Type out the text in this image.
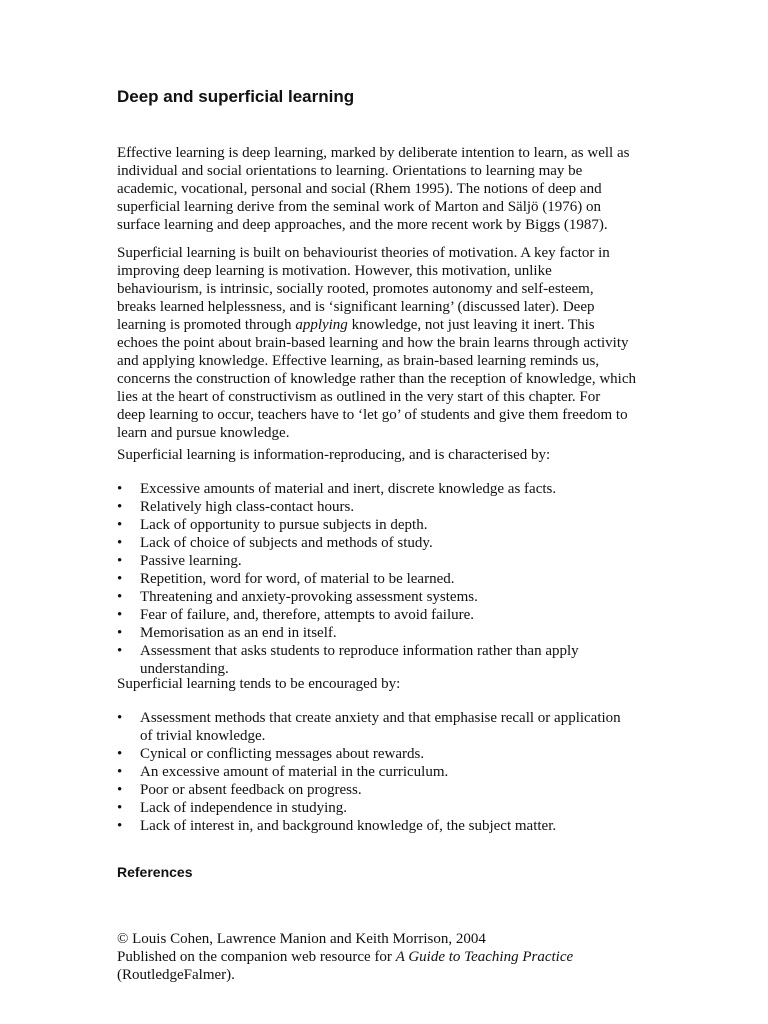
Deep and superficial learning
Effective learning is deep learning, marked by deliberate intention to learn, as well as
individual and social orientations to learning. Orientations to learning may be
academic, vocational, personal and social (Rhem 1995). The notions of deep and
superficial learning derive from the seminal work of Marton and Säljö (1976) on
surface learning and deep approaches, and the more recent work by Biggs (1987).
Superficial learning is built on behaviourist theories of motivation. A key factor in
improving deep learning is motivation. However, this motivation, unlike
behaviourism, is intrinsic, socially rooted, promotes autonomy and self-esteem,
breaks learned helplessness, and is ‘significant learning’ (discussed later). Deep
learning is promoted through applying knowledge, not just leaving it inert. This
echoes the point about brain-based learning and how the brain learns through activity
and applying knowledge. Effective learning, as brain-based learning reminds us,
concerns the construction of knowledge rather than the reception of knowledge, which
lies at the heart of constructivism as outlined in the very start of this chapter. For
deep learning to occur, teachers have to ‘let go’ of students and give them freedom to
learn and pursue knowledge.
Superficial learning is information-reproducing, and is characterised by:
• Excessive amounts of material and inert, discrete knowledge as facts.
• Relatively high class-contact hours.
• Lack of opportunity to pursue subjects in depth.
• Lack of choice of subjects and methods of study.
• Passive learning.
• Repetition, word for word, of material to be learned.
• Threatening and anxiety-provoking assessment systems.
• Fear of failure, and, therefore, attempts to avoid failure.
• Memorisation as an end in itself.
• Assessment that asks students to reproduce information rather than apply
understanding.
Superficial learning tends to be encouraged by:
• Assessment methods that create anxiety and that emphasise recall or application
of trivial knowledge.
• Cynical or conflicting messages about rewards.
• An excessive amount of material in the curriculum.
• Poor or absent feedback on progress.
• Lack of independence in studying.
• Lack of interest in, and background knowledge of, the subject matter.
References
© Louis Cohen, Lawrence Manion and Keith Morrison, 2004
Published on the companion web resource for A Guide to Teaching Practice
(RoutledgeFalmer).
